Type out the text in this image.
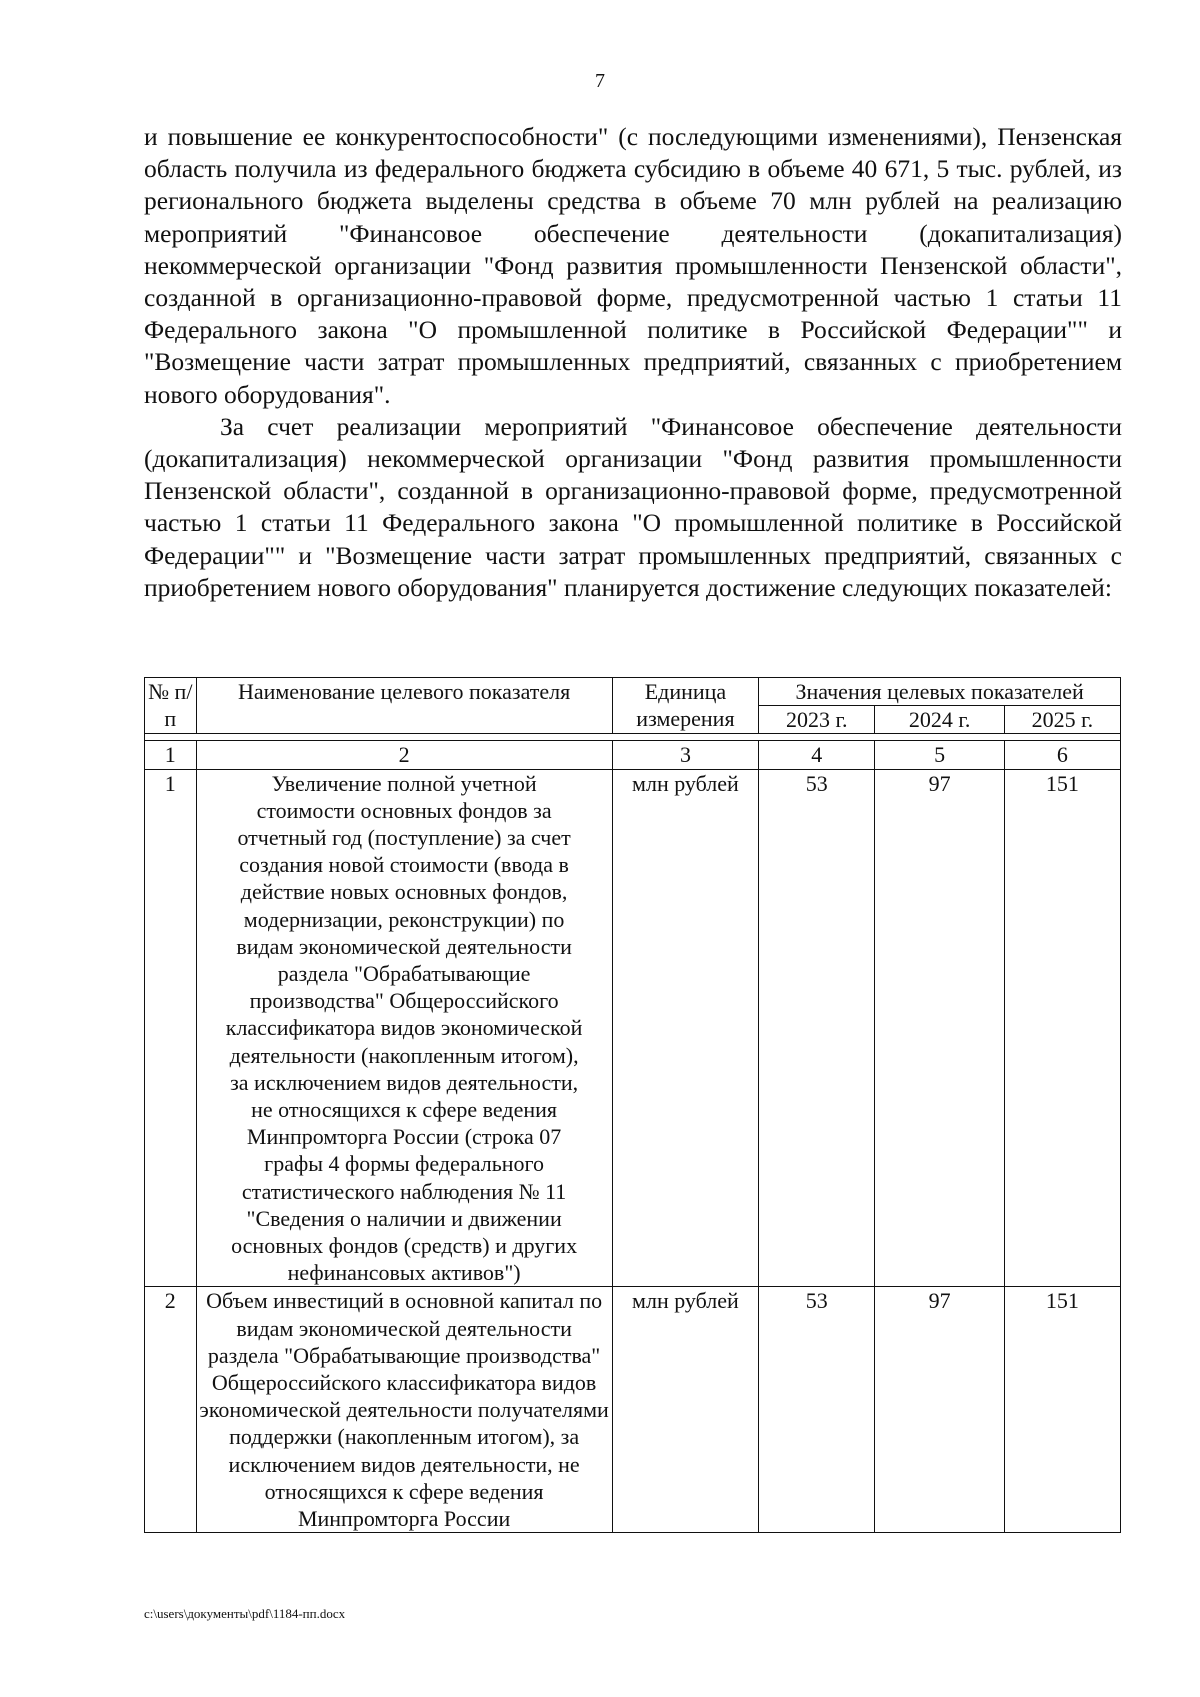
7

и повышение ее конкурентоспособности" (с последующими изменениями), Пензенская область получила из федерального бюджета субсидию в объеме 40 671, 5 тыс. рублей, из регионального бюджета выделены средства в объеме 70 млн рублей на реализацию мероприятий "Финансовое обеспечение деятельности (докапитализация) некоммерческой организации "Фонд развития промышленности Пензенской области", созданной в организационно-правовой форме, предусмотренной частью 1 статьи 11 Федерального закона "О промышленной политике в Российской Федерации"" и "Возмещение части затрат промышленных предприятий, связанных с приобретением нового оборудования".

За счет реализации мероприятий "Финансовое обеспечение деятельности (докапитализация) некоммерческой организации "Фонд развития промышленности Пензенской области", созданной в организационно-правовой форме, предусмотренной частью 1 статьи 11 Федерального закона "О промышленной политике в Российской Федерации"" и "Возмещение части затрат промышленных предприятий, связанных с приобретением нового оборудования" планируется достижение следующих показателей:

№ п/п	Наименование целевого показателя	Единица измерения	Значения целевых показателей		
			2023 г.	2024 г.	2025 г.

1	2	3	4	5	6
1	Увеличение полной учетной стоимости основных фондов за отчетный год (поступление) за счет создания новой стоимости (ввода в действие новых основных фондов, модернизации, реконструкции) по видам экономической деятельности раздела "Обрабатывающие производства" Общероссийского классификатора видов экономической деятельности (накопленным итогом), за исключением видов деятельности, не относящихся к сфере ведения Минпромторга России (строка 07 графы 4 формы федерального статистического наблюдения № 11 "Сведения о наличии и движении основных фондов (средств) и других нефинансовых активов")	млн рублей	53	97	151
2	Объем инвестиций в основной капитал по видам экономической деятельности раздела "Обрабатывающие производства" Общероссийского классификатора видов экономической деятельности получателями поддержки (накопленным итогом), за исключением видов деятельности, не относящихся к сфере ведения Минпромторга России	млн рублей	53	97	151
c:\users\документы\pdf\1184-пп.docx
